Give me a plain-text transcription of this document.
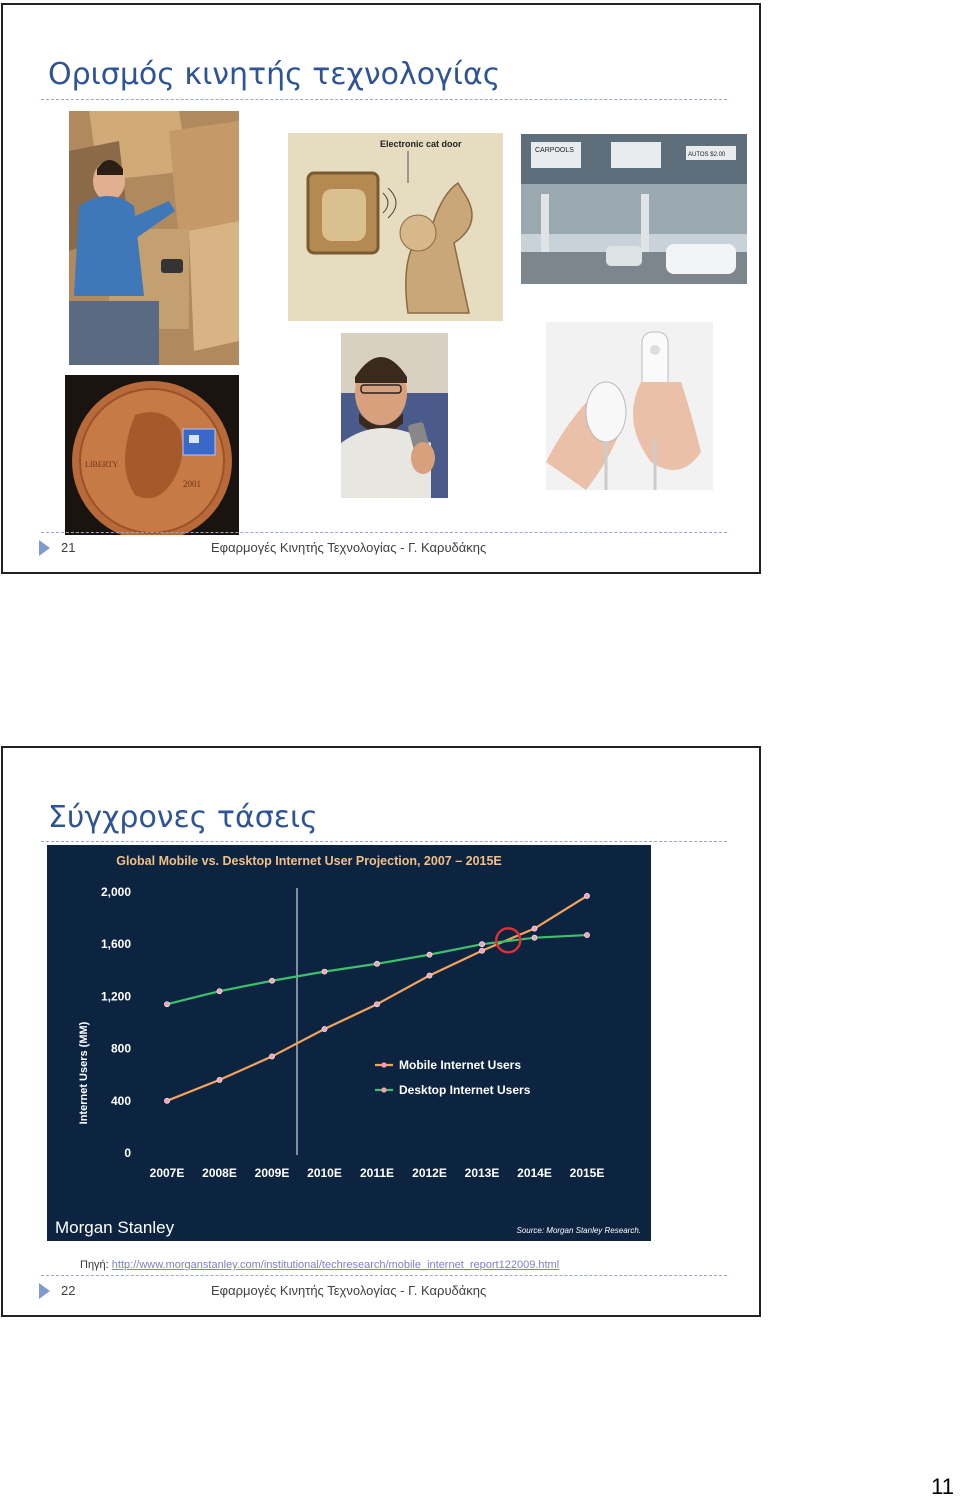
Ορισμός κινητής τεχνολογίας
Electronic cat door
CARPOOLS
AUTOS $2.00
LIBERTY
2001
21	Εφαρμογές Κινητής Τεχνολογίας - Γ. Καρυδάκης
Σύγχρονες τάσεις
Global Mobile vs. Desktop Internet User Projection, 2007 – 2015E
Internet Users (MM)
0
400
800
1,200
1,600
2,000
2007E 2008E 2009E 2010E 2011E 2012E 2013E 2014E 2015E
Mobile Internet Users
Desktop Internet Users
Morgan Stanley	Source: Morgan Stanley Research.
Πηγή: http://www.morganstanley.com/institutional/techresearch/mobile_internet_report122009.html
22	Εφαρμογές Κινητής Τεχνολογίας - Γ. Καρυδάκης
11
